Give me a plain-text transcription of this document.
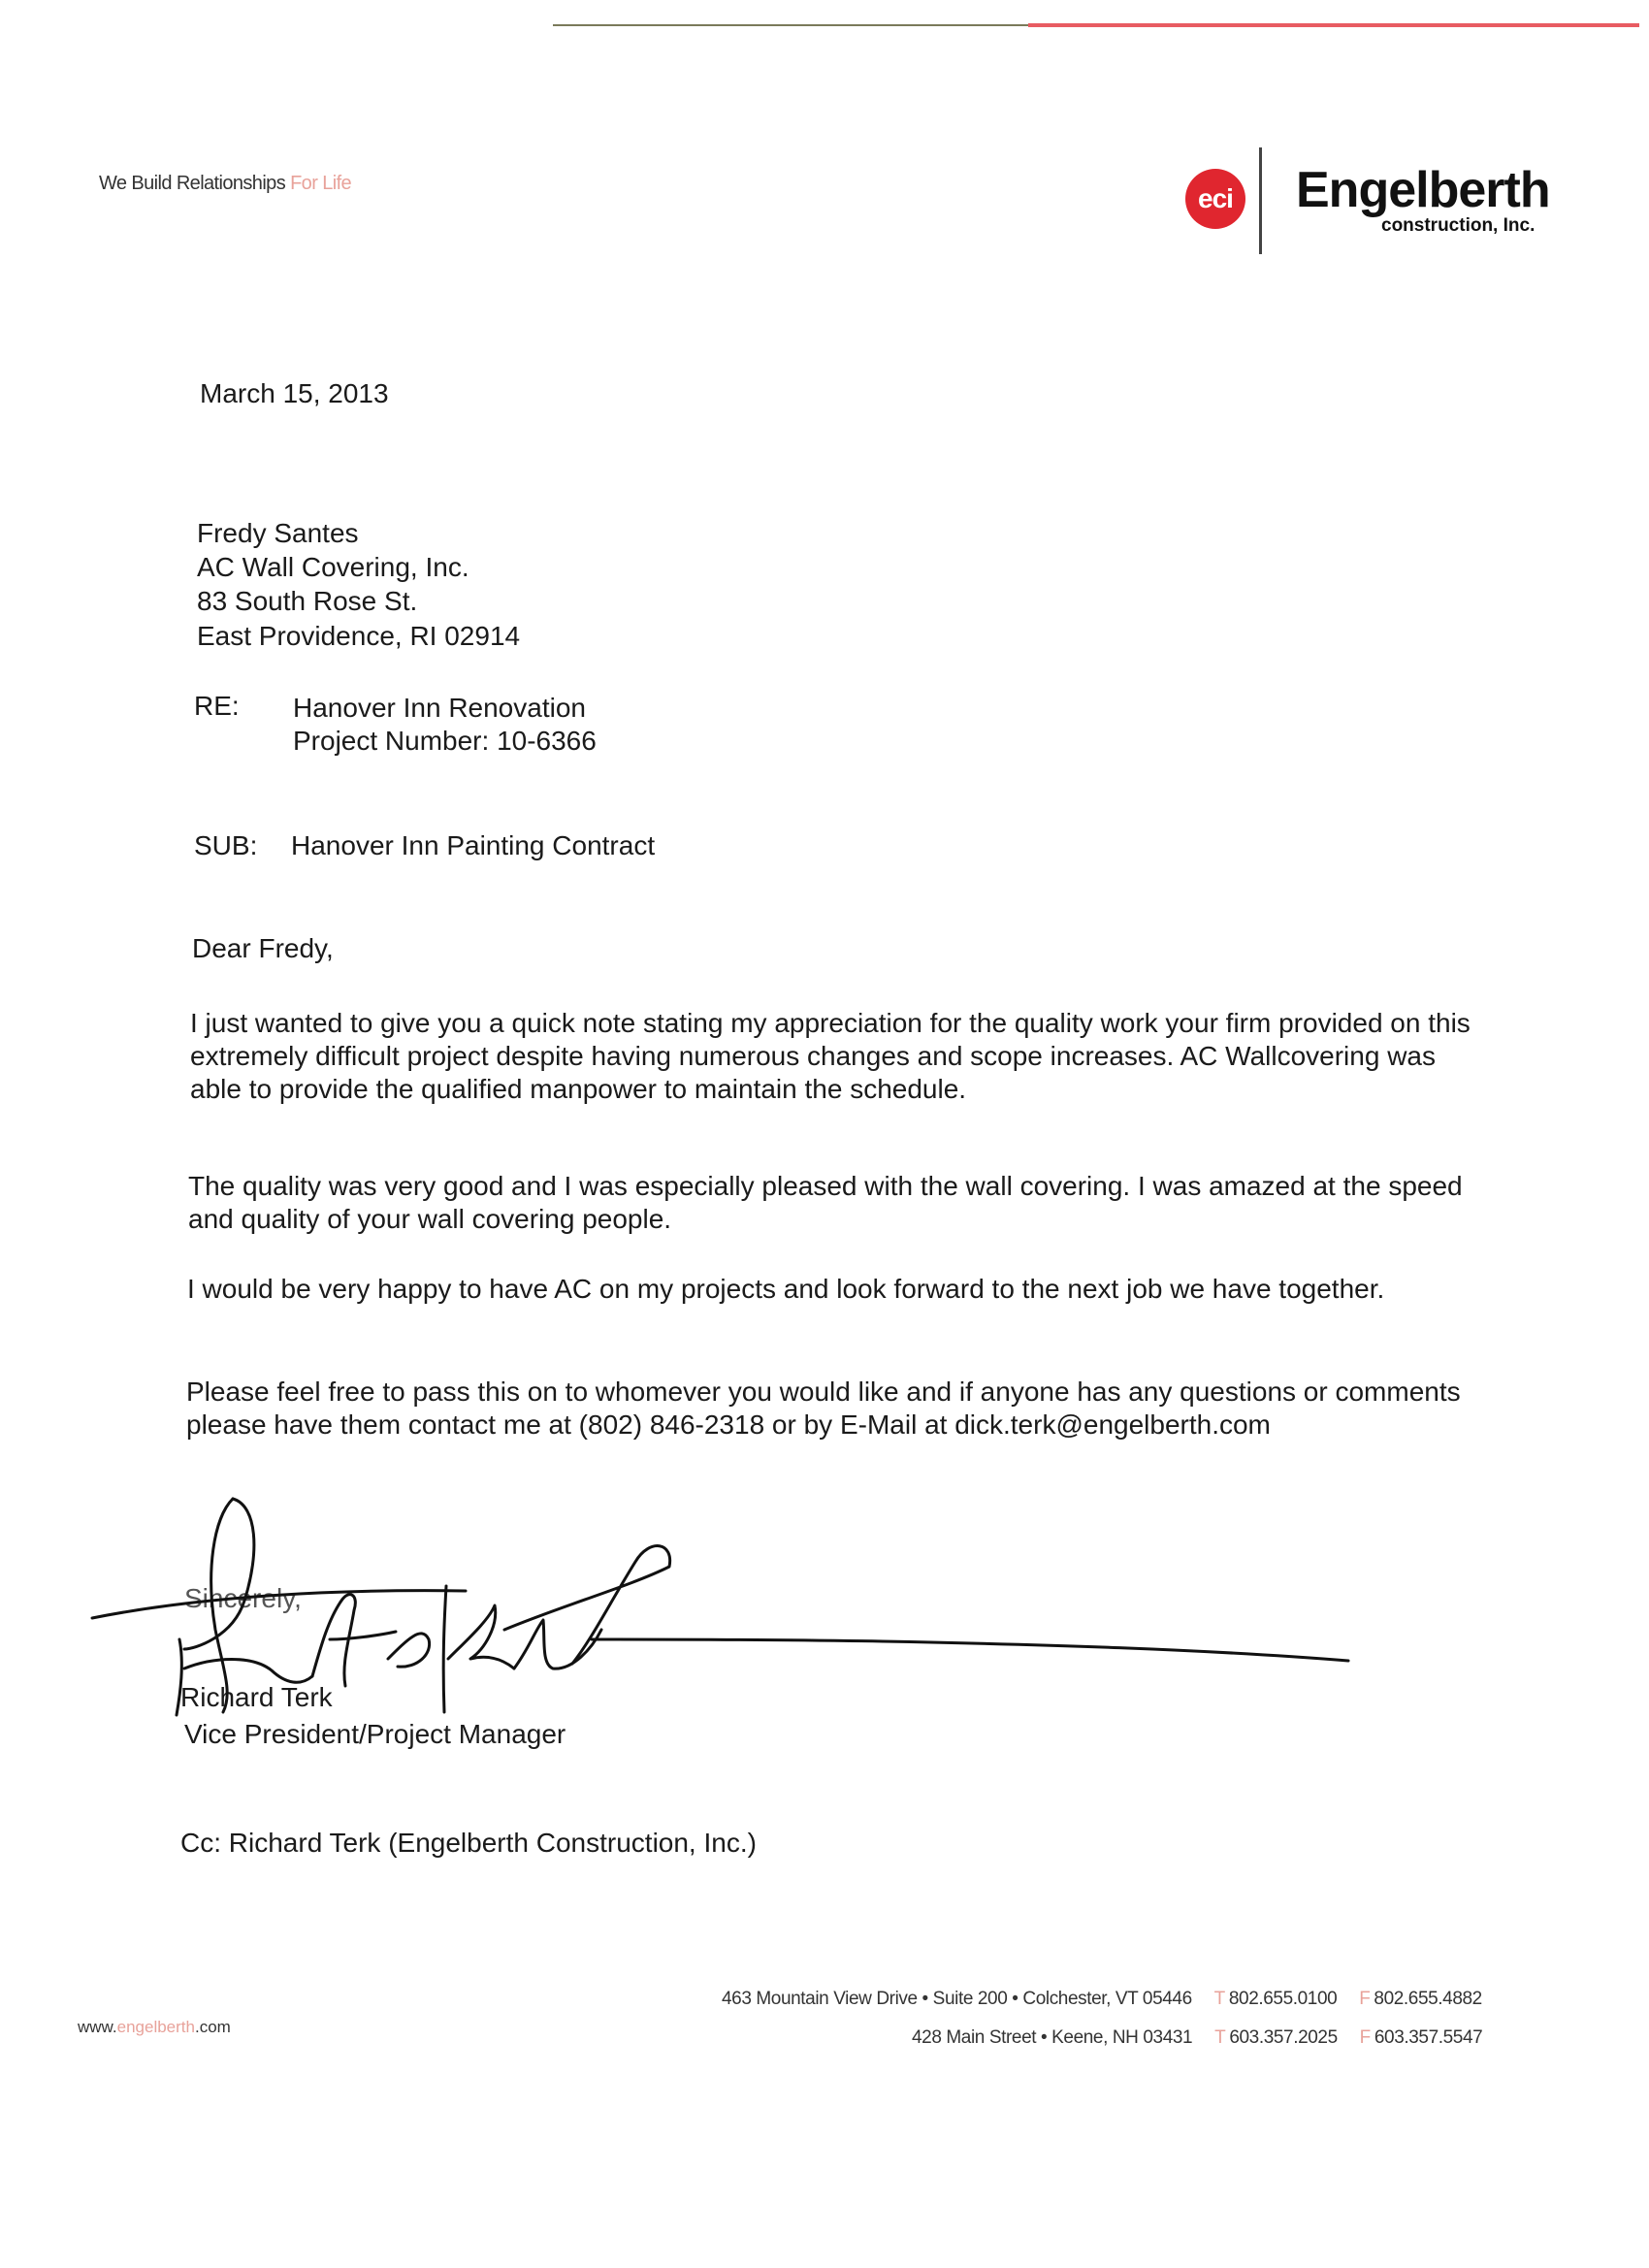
We Build Relationships For Life	eci Engelberth
construction, Inc.
March 15, 2013
Fredy Santes
AC Wall Covering, Inc.
83 South Rose St.
East Providence, RI 02914
RE: Hanover Inn Renovation
Project Number: 10-6366
SUB: Hanover Inn Painting Contract
Dear Fredy,
I just wanted to give you a quick note stating my appreciation for the quality work your firm provided on this extremely difficult project despite having numerous changes and scope increases. AC Wallcovering was able to provide the qualified manpower to maintain the schedule.
The quality was very good and I was especially pleased with the wall covering. I was amazed at the speed and quality of your wall covering people.
I would be very happy to have AC on my projects and look forward to the next job we have together.
Please feel free to pass this on to whomever you would like and if anyone has any questions or comments please have them contact me at (802) 846-2318 or by E-Mail at dick.terk@engelberth.com
Sincerely,
Richard Terk
Vice President/Project Manager
Cc: Richard Terk (Engelberth Construction, Inc.)
www.engelberth.com
463 Mountain View Drive • Suite 200 • Colchester, VT 05446 T 802.655.0100 F 802.655.4882
428 Main Street • Keene, NH 03431 T 603.357.2025 F 603.357.5547
